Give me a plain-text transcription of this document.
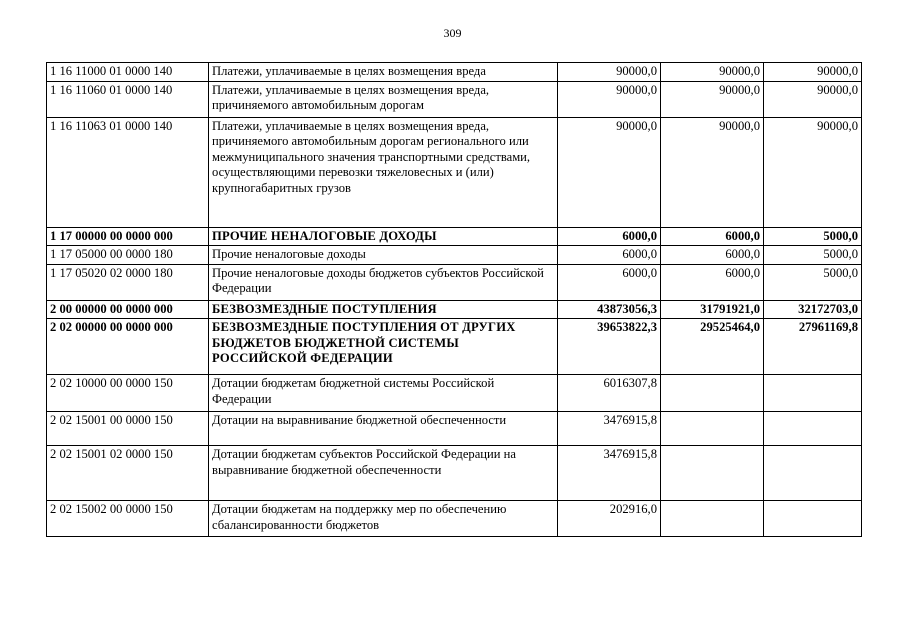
309
1 16 11000 01 0000 140	Платежи, уплачиваемые в целях возмещения вреда	90000,0	90000,0	90000,0
1 16 11060 01 0000 140	Платежи, уплачиваемые в целях возмещения вреда, причиняемого автомобильным дорогам	90000,0	90000,0	90000,0
1 16 11063 01 0000 140	Платежи, уплачиваемые в целях возмещения вреда, причиняемого автомобильным дорогам регионального или межмуниципального значения транспортными средствами, осуществляющими перевозки тяжеловесных и (или) крупногабаритных грузов	90000,0	90000,0	90000,0
1 17 00000 00 0000 000	ПРОЧИЕ НЕНАЛОГОВЫЕ ДОХОДЫ	6000,0	6000,0	5000,0
1 17 05000 00 0000 180	Прочие неналоговые доходы	6000,0	6000,0	5000,0
1 17 05020 02 0000 180	Прочие неналоговые доходы бюджетов субъектов Российской Федерации	6000,0	6000,0	5000,0
2 00 00000 00 0000 000	БЕЗВОЗМЕЗДНЫЕ ПОСТУПЛЕНИЯ	43873056,3	31791921,0	32172703,0
2 02 00000 00 0000 000	БЕЗВОЗМЕЗДНЫЕ ПОСТУПЛЕНИЯ ОТ ДРУГИХ БЮДЖЕТОВ БЮДЖЕТНОЙ СИСТЕМЫ РОССИЙСКОЙ ФЕДЕРАЦИИ	39653822,3	29525464,0	27961169,8
2 02 10000 00 0000 150	Дотации бюджетам бюджетной системы Российской Федерации	6016307,8		
2 02 15001 00 0000 150	Дотации на выравнивание бюджетной обеспеченности	3476915,8		
2 02 15001 02 0000 150	Дотации бюджетам субъектов Российской Федерации на выравнивание бюджетной обеспеченности	3476915,8		
2 02 15002 00 0000 150	Дотации бюджетам на поддержку мер по обеспечению сбалансированности бюджетов	202916,0		
